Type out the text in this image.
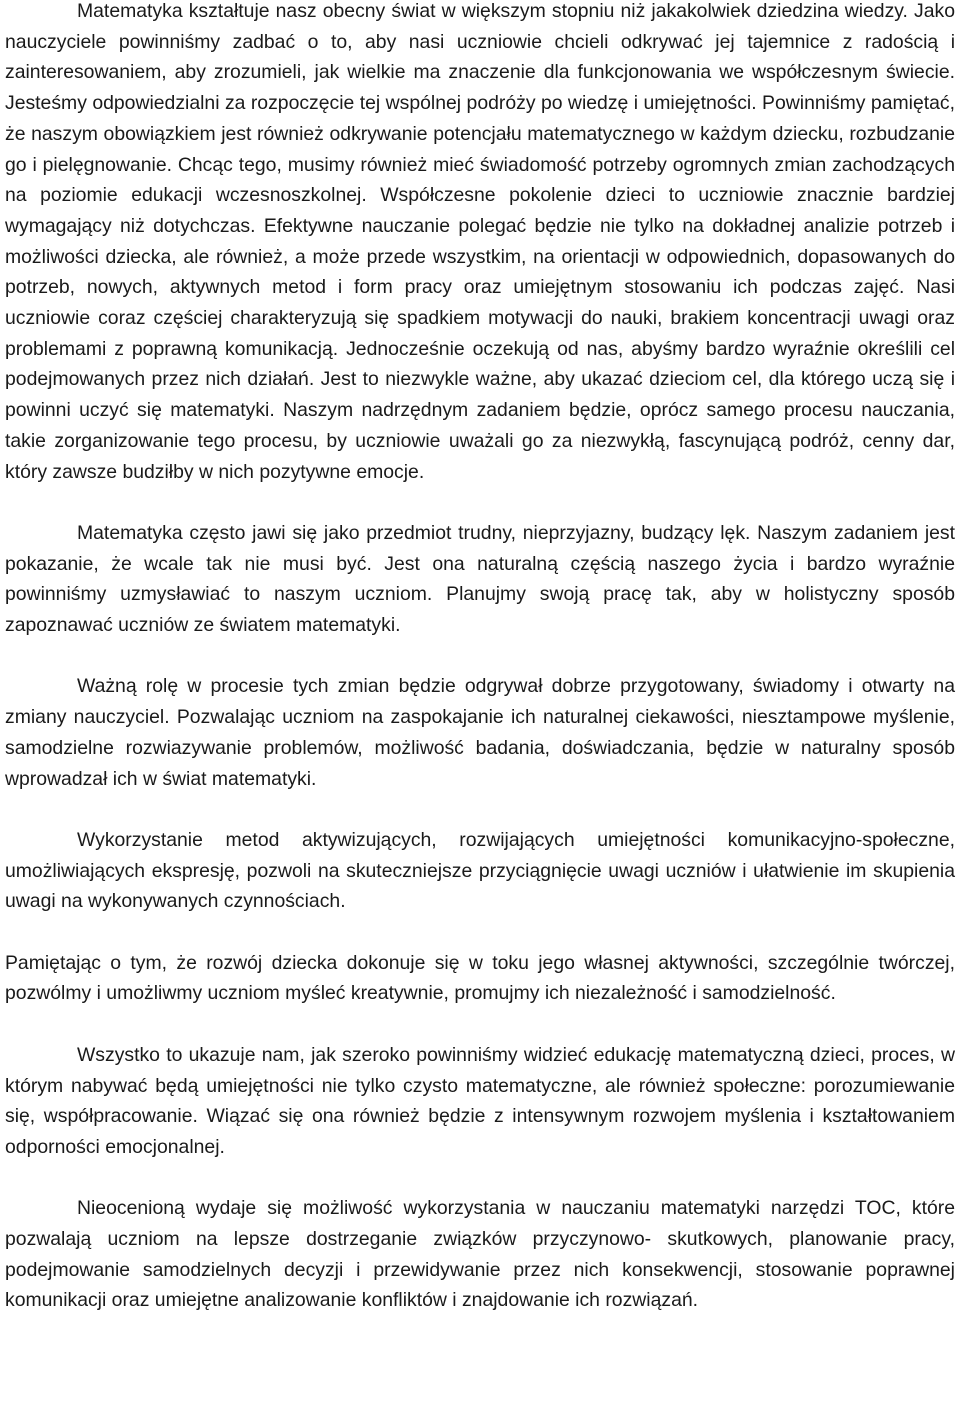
Matematyka kształtuje nasz obecny świat w większym stopniu niż jakakolwiek dziedzina wiedzy. Jako nauczyciele powinniśmy zadbać o to, aby nasi uczniowie chcieli odkrywać jej tajemnice z radością i zainteresowaniem, aby zrozumieli, jak wielkie ma znaczenie dla funkcjonowania we współczesnym świecie. Jesteśmy odpowiedzialni za rozpoczęcie tej wspólnej podróży po wiedzę i umiejętności. Powinniśmy pamiętać, że naszym obowiązkiem jest również odkrywanie potencjału matematycznego w każdym dziecku, rozbudzanie go i pielęgnowanie. Chcąc tego, musimy również mieć świadomość potrzeby ogromnych zmian zachodzących na poziomie edukacji wczesnoszkolnej. Współczesne pokolenie dzieci to uczniowie znacznie bardziej wymagający niż dotychczas. Efektywne nauczanie polegać będzie nie tylko na dokładnej analizie potrzeb i możliwości dziecka, ale również, a może przede wszystkim, na orientacji w odpowiednich, dopasowanych do potrzeb, nowych, aktywnych metod i form pracy oraz umiejętnym stosowaniu ich podczas zajęć. Nasi uczniowie coraz częściej charakteryzują się spadkiem motywacji do nauki, brakiem koncentracji uwagi oraz problemami z poprawną komunikacją. Jednocześnie oczekują od nas, abyśmy bardzo wyraźnie określili cel podejmowanych przez nich działań. Jest to niezwykle ważne, aby ukazać dzieciom cel, dla którego uczą się i powinni uczyć się matematyki. Naszym nadrzędnym zadaniem będzie, oprócz samego procesu nauczania, takie zorganizowanie tego procesu, by uczniowie uważali go za niezwykłą, fascynującą podróż, cenny dar, który zawsze budziłby w nich pozytywne emocje.

Matematyka często jawi się jako przedmiot trudny, nieprzyjazny, budzący lęk. Naszym zadaniem jest pokazanie, że wcale tak nie musi być. Jest ona naturalną częścią naszego życia i bardzo wyraźnie powinniśmy uzmysławiać to naszym uczniom. Planujmy swoją pracę tak, aby w holistyczny sposób zapoznawać uczniów ze światem matematyki.

Ważną rolę w procesie tych zmian będzie odgrywał dobrze przygotowany, świadomy i otwarty na zmiany nauczyciel. Pozwalając uczniom na zaspokajanie ich naturalnej ciekawości, niesztampowe myślenie, samodzielne rozwiazywanie problemów, możliwość badania, doświadczania, będzie w naturalny sposób wprowadzał ich w świat matematyki.

Wykorzystanie metod aktywizujących, rozwijających umiejętności komunikacyjno-społeczne, umożliwiających ekspresję, pozwoli na skuteczniejsze przyciągnięcie uwagi uczniów i ułatwienie im skupienia uwagi na wykonywanych czynnościach.

Pamiętając o tym, że rozwój dziecka dokonuje się w toku jego własnej aktywności, szczególnie twórczej, pozwólmy i umożliwmy uczniom myśleć kreatywnie, promujmy ich niezależność i samodzielność.

Wszystko to ukazuje nam, jak szeroko powinniśmy widzieć edukację matematyczną dzieci, proces, w którym nabywać będą umiejętności nie tylko czysto matematyczne, ale również społeczne: porozumiewanie się, współpracowanie. Wiązać się ona również będzie z intensywnym rozwojem myślenia i kształtowaniem odporności emocjonalnej.

Nieocenioną wydaje się możliwość wykorzystania w nauczaniu matematyki narzędzi TOC, które pozwalają uczniom na lepsze dostrzeganie związków przyczynowo- skutkowych, planowanie pracy, podejmowanie samodzielnych decyzji i przewidywanie przez nich konsekwencji, stosowanie poprawnej komunikacji oraz umiejętne analizowanie konfliktów i znajdowanie ich rozwiązań.
